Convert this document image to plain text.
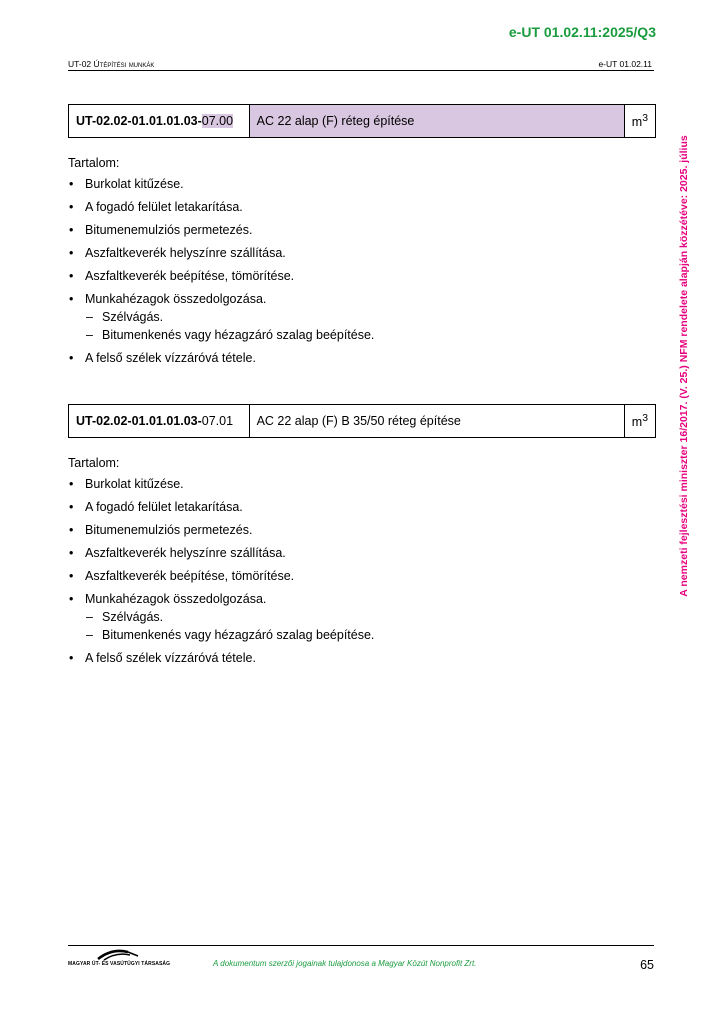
e-UT 01.02.11:2025/Q3
UT-02 Útépítési munkák	e-UT 01.02.11
A nemzeti fejlesztési miniszter 16/2017. (V. 25.) NFM rendelete alapján közzétéve: 2025. július
UT-02.02-01.01.01.03-07.00	AC 22 alap (F) réteg építése	$m^3$
Tartalom:
• Burkolat kitűzése.
• A fogadó felület letakarítása.
• Bitumenemulziós permetezés.
• Aszfaltkeverék helyszínre szállítása.
• Aszfaltkeverék beépítése, tömörítése.
• Munkahézagok összedolgozása.
– Szélvágás.
– Bitumenkenés vagy hézagzáró szalag beépítése.
• A felső szélek vízzáróvá tétele.
UT-02.02-01.01.01.03-07.01	AC 22 alap (F) B 35/50 réteg építése	$m^3$
Tartalom:
• Burkolat kitűzése.
• A fogadó felület letakarítása.
• Bitumenemulziós permetezés.
• Aszfaltkeverék helyszínre szállítása.
• Aszfaltkeverék beépítése, tömörítése.
• Munkahézagok összedolgozása.
– Szélvágás.
– Bitumenkenés vagy hézagzáró szalag beépítése.
• A felső szélek vízzáróvá tétele.
MAGYAR ÚT- ÉS VASÚTÜGYI TÁRSASÁG	A dokumentum szerzői jogainak tulajdonosa a Magyar Közút Nonprofit Zrt.	65
